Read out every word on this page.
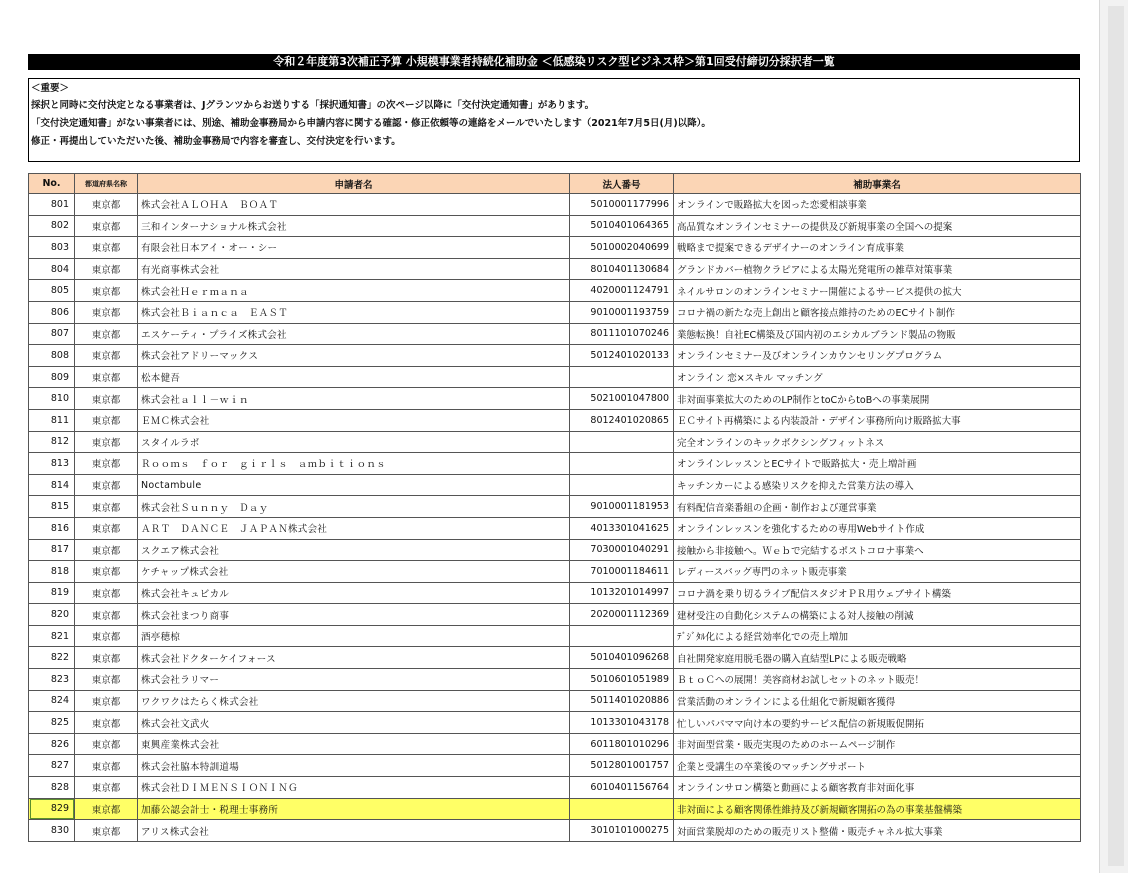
令和２年度第3次補正予算 小規模事業者持続化補助金 ＜低感染リスク型ビジネス枠＞第1回受付締切分採択者一覧
＜重要＞
採択と同時に交付決定となる事業者は、Jグランツからお送りする「採択通知書」の次ページ以降に「交付決定通知書」があります。
「交付決定通知書」がない事業者には、別途、補助金事務局から申請内容に関する確認・修正依頼等の連絡をメールでいたします（2021年7月5日(月)以降）。
修正・再提出していただいた後、補助金事務局で内容を審査し、交付決定を行います。
No.	都道府県名称	申請者名	法人番号	補助事業名
801	東京都	株式会社ＡＬＯＨＡ　ＢＯＡＴ	5010001177996	オンラインで販路拡大を図った恋愛相談事業
802	東京都	三和インターナショナル株式会社	5010401064365	高品質なオンラインセミナーの提供及び新規事業の全国への提案
803	東京都	有限会社日本アイ・オー・シー	5010002040699	戦略まで提案できるデザイナーのオンライン育成事業
804	東京都	有光商事株式会社	8010401130684	グランドカバー植物クラピアによる太陽光発電所の雑草対策事業
805	東京都	株式会社Ｈｅｒｍａｎａ	4020001124791	ネイルサロンのオンラインセミナー開催によるサービス提供の拡大
806	東京都	株式会社Ｂｉａｎｃａ　ＥＡＳＴ	9010001193759	コロナ禍の新たな売上創出と顧客接点維持のためのECサイト制作
807	東京都	エスケーティ・プライズ株式会社	8011101070246	業態転換！自社EC構築及び国内初のエシカルブランド製品の物販
808	東京都	株式会社アドリーマックス	5012401020133	オンラインセミナー及びオンラインカウンセリングプログラム
809	東京都	松本健吾		オンライン 恋×スキル マッチング
810	東京都	株式会社ａｌｌ－ｗｉｎ	5021001047800	非対面事業拡大のためのLP制作とtoCからtoBへの事業展開
811	東京都	ＥＭＣ株式会社	8012401020865	ＥＣサイト再構築による内装設計・デザイン事務所向け販路拡大事
812	東京都	スタイルラボ		完全オンラインのキックボクシングフィットネス
813	東京都	Ｒｏｏｍｓ　ｆｏｒ　ｇｉｒｌｓ　ａｍｂｉｔｉｏｎｓ		オンラインレッスンとECサイトで販路拡大・売上増計画
814	東京都	Noctambule		キッチンカーによる感染リスクを抑えた営業方法の導入
815	東京都	株式会社Ｓｕｎｎｙ　Ｄａｙ	9010001181953	有料配信音楽番組の企画・制作および運営事業
816	東京都	ＡＲＴ　ＤＡＮＣＥ　ＪＡＰＡＮ株式会社	4013301041625	オンラインレッスンを強化するための専用Webサイト作成
817	東京都	スクエア株式会社	7030001040291	接触から非接触へ。Ｗｅｂで完結するポストコロナ事業へ
818	東京都	ケチャップ株式会社	7010001184611	レディースバッグ専門のネット販売事業
819	東京都	株式会社キュビカル	1013201014997	コロナ渦を乗り切るライブ配信スタジオＰＲ用ウェブサイト構築
820	東京都	株式会社まつり商事	2020001112369	建材受注の自動化システムの構築による対人接触の削減
821	東京都	酒亭穂椋		ﾃﾞｼﾞﾀﾙ化による経営効率化での売上増加
822	東京都	株式会社ドクターケイフォース	5010401096268	自社開発家庭用脱毛器の購入直結型LPによる販売戦略
823	東京都	株式会社ラリマー	5010601051989	ＢｔｏＣへの展開！美容商材お試しセットのネット販売！
824	東京都	ワクワクはたらく株式会社	5011401020886	営業活動のオンラインによる仕組化で新規顧客獲得
825	東京都	株式会社文武火	1013301043178	忙しいパパママ向け本の要約サービス配信の新規販促開拓
826	東京都	東興産業株式会社	6011801010296	非対面型営業・販売実現のためのホームページ制作
827	東京都	株式会社脇本特訓道場	5012801001757	企業と受講生の卒業後のマッチングサポート
828	東京都	株式会社ＤＩＭＥＮＳＩＯＮＩＮＧ	6010401156764	オンラインサロン構築と動画による顧客教育非対面化事
829	東京都	加藤公認会計士・税理士事務所		非対面による顧客関係性維持及び新規顧客開拓の為の事業基盤構築
830	東京都	アリス株式会社	3010101000275	対面営業脱却のための販売リスト整備・販売チャネル拡大事業
